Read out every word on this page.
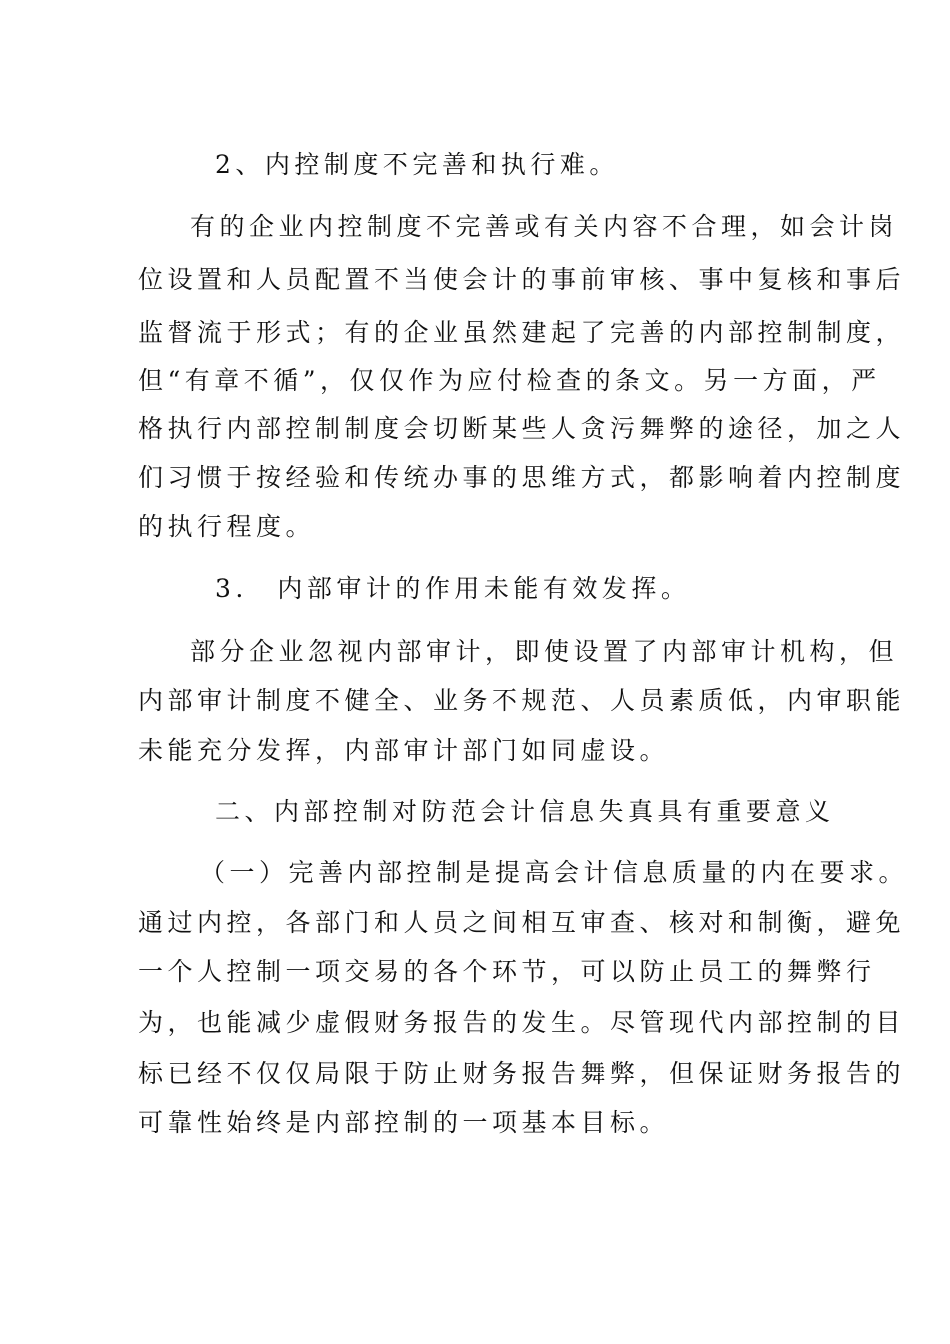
2、内控制度不完善和执行难。
有的企业内控制度不完善或有关内容不合理，如会计岗
位设置和人员配置不当使会计的事前审核、事中复核和事后
监督流于形式；有的企业虽然建起了完善的内部控制制度，
但“有章不循”，仅仅作为应付检查的条文。另一方面，严
格执行内部控制制度会切断某些人贪污舞弊的途径，加之人
们习惯于按经验和传统办事的思维方式，都影响着内控制度
的执行程度。
3.　内部审计的作用未能有效发挥。
部分企业忽视内部审计，即使设置了内部审计机构，但
内部审计制度不健全、业务不规范、人员素质低，内审职能
未能充分发挥，内部审计部门如同虚设。
二、内部控制对防范会计信息失真具有重要意义
（一）完善内部控制是提高会计信息质量的内在要求。
通过内控，各部门和人员之间相互审查、核对和制衡，避免
一个人控制一项交易的各个环节，可以防止员工的舞弊行
为，也能减少虚假财务报告的发生。尽管现代内部控制的目
标已经不仅仅局限于防止财务报告舞弊，但保证财务报告的
可靠性始终是内部控制的一项基本目标。
